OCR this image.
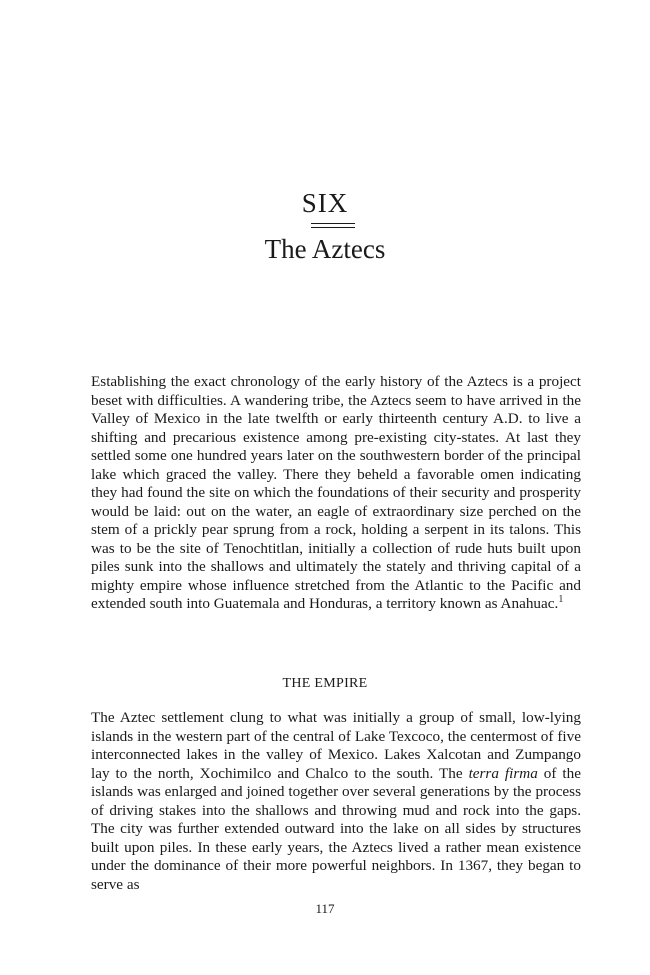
SIX
The Aztecs

Establishing the exact chronology of the early history of the Aztecs is a project beset with difficulties. A wandering tribe, the Aztecs seem to have arrived in the Valley of Mexico in the late twelfth or early thirteenth century A.D. to live a shifting and precarious existence among pre-existing city-states. At last they settled some one hundred years later on the southwestern border of the principal lake which graced the valley. There they beheld a favorable omen indicating they had found the site on which the foundations of their security and prosperity would be laid: out on the water, an eagle of extraordinary size perched on the stem of a prickly pear sprung from a rock, holding a serpent in its talons. This was to be the site of Tenochtitlan, initially a collection of rude huts built upon piles sunk into the shallows and ultimately the stately and thriving capital of a mighty empire whose influence stretched from the Atlantic to the Pacific and extended south into Guatemala and Honduras, a territory known as Anahuac.$^1$

THE EMPIRE

The Aztec settlement clung to what was initially a group of small, low-lying islands in the western part of the central of Lake Texcoco, the centermost of five interconnected lakes in the valley of Mexico. Lakes Xalcotan and Zumpango lay to the north, Xochimilco and Chalco to the south. The terra firma of the islands was enlarged and joined together over several generations by the process of driving stakes into the shallows and throwing mud and rock into the gaps. The city was further extended outward into the lake on all sides by structures built upon piles. In these early years, the Aztecs lived a rather mean existence under the dominance of their more powerful neighbors. In 1367, they began to serve as

117
